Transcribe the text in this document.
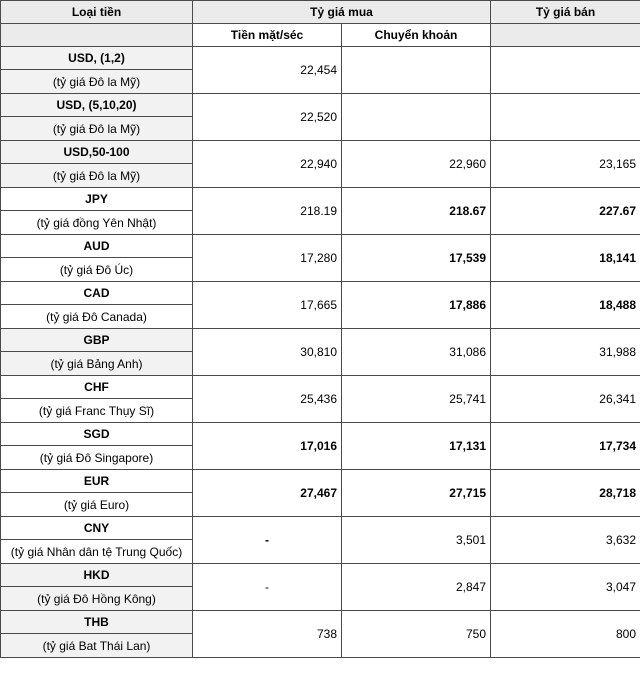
Loại tiền	Tỷ giá mua		Tỷ giá bán
	Tiền mặt/séc	Chuyển khoản	
USD, (1,2)	22,454		
(tỷ giá Đô la Mỹ)			
USD, (5,10,20)	22,520		
(tỷ giá Đô la Mỹ)			
USD,50-100	22,940	22,960	23,165
(tỷ giá Đô la Mỹ)			
JPY	218.19	218.67	227.67
(tỷ giá đồng Yên Nhật)			
AUD	17,280	17,539	18,141
(tỷ giá Đô Úc)			
CAD	17,665	17,886	18,488
(tỷ giá Đô Canada)			
GBP	30,810	31,086	31,988
(tỷ giá Bảng Anh)			
CHF	25,436	25,741	26,341
(tỷ giá Franc Thụy Sĩ)			
SGD	17,016	17,131	17,734
(tỷ giá Đô Singapore)			
EUR	27,467	27,715	28,718
(tỷ giá Euro)			
CNY	-	3,501	3,632
(tỷ giá Nhân dân tệ Trung Quốc)			
HKD	-	2,847	3,047
(tỷ giá Đô Hồng Kông)			
THB	738	750	800
(tỷ giá Bat Thái Lan)			
